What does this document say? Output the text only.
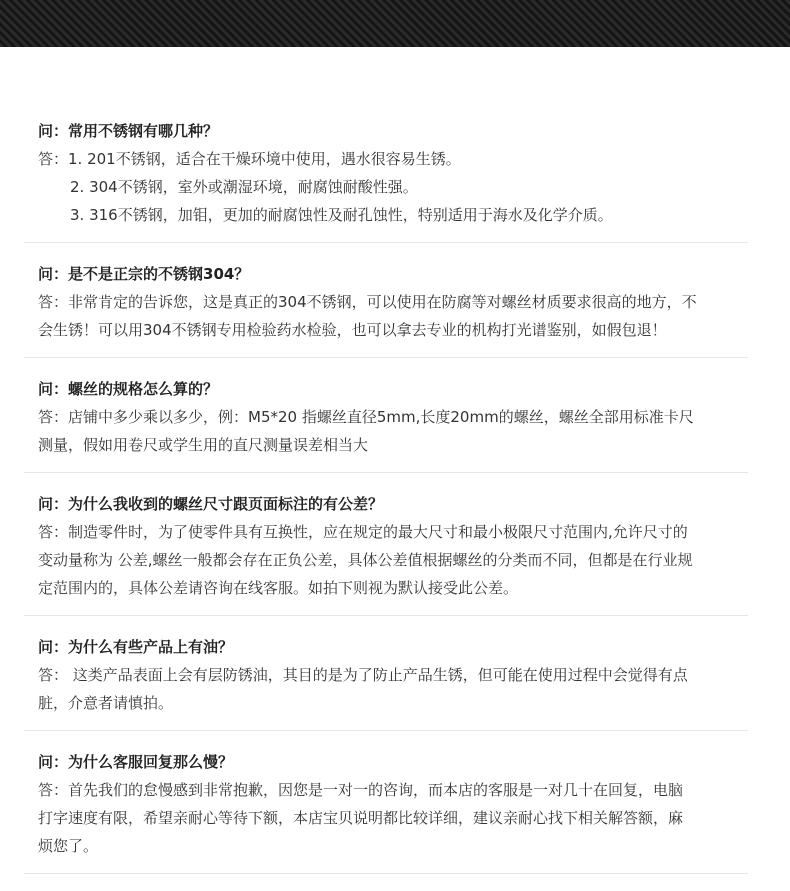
问：常用不锈钢有哪几种？
答：1. 201不锈钢，适合在干燥环境中使用，遇水很容易生锈。
2. 304不锈钢，室外或潮湿环境，耐腐蚀耐酸性强。
3. 316不锈钢，加钼，更加的耐腐蚀性及耐孔蚀性，特别适用于海水及化学介质。
问：是不是正宗的不锈钢304？
答：非常肯定的告诉您，这是真正的304不锈钢，可以使用在防腐等对螺丝材质要求很高的地方，不
会生锈！可以用304不锈钢专用检验药水检验，也可以拿去专业的机构打光谱鉴别，如假包退！
问：螺丝的规格怎么算的？
答：店铺中多少乘以多少，例：M5*20 指螺丝直径5mm,长度20mm的螺丝，螺丝全部用标准卡尺
测量，假如用卷尺或学生用的直尺测量误差相当大
问：为什么我收到的螺丝尺寸跟页面标注的有公差？
答：制造零件时，为了使零件具有互换性，应在规定的最大尺寸和最小极限尺寸范围内,允许尺寸的
变动量称为 公差,螺丝一般都会存在正负公差，具体公差值根据螺丝的分类而不同，但都是在行业规
定范围内的，具体公差请咨询在线客服。如拍下则视为默认接受此公差。
问：为什么有些产品上有油？
答： 这类产品表面上会有层防锈油，其目的是为了防止产品生锈，但可能在使用过程中会觉得有点
脏，介意者请慎拍。
问：为什么客服回复那么慢？
答：首先我们的怠慢感到非常抱歉，因您是一对一的咨询，而本店的客服是一对几十在回复，电脑
打字速度有限，希望亲耐心等待下额，本店宝贝说明都比较详细，建议亲耐心找下相关解答额，麻
烦您了。
